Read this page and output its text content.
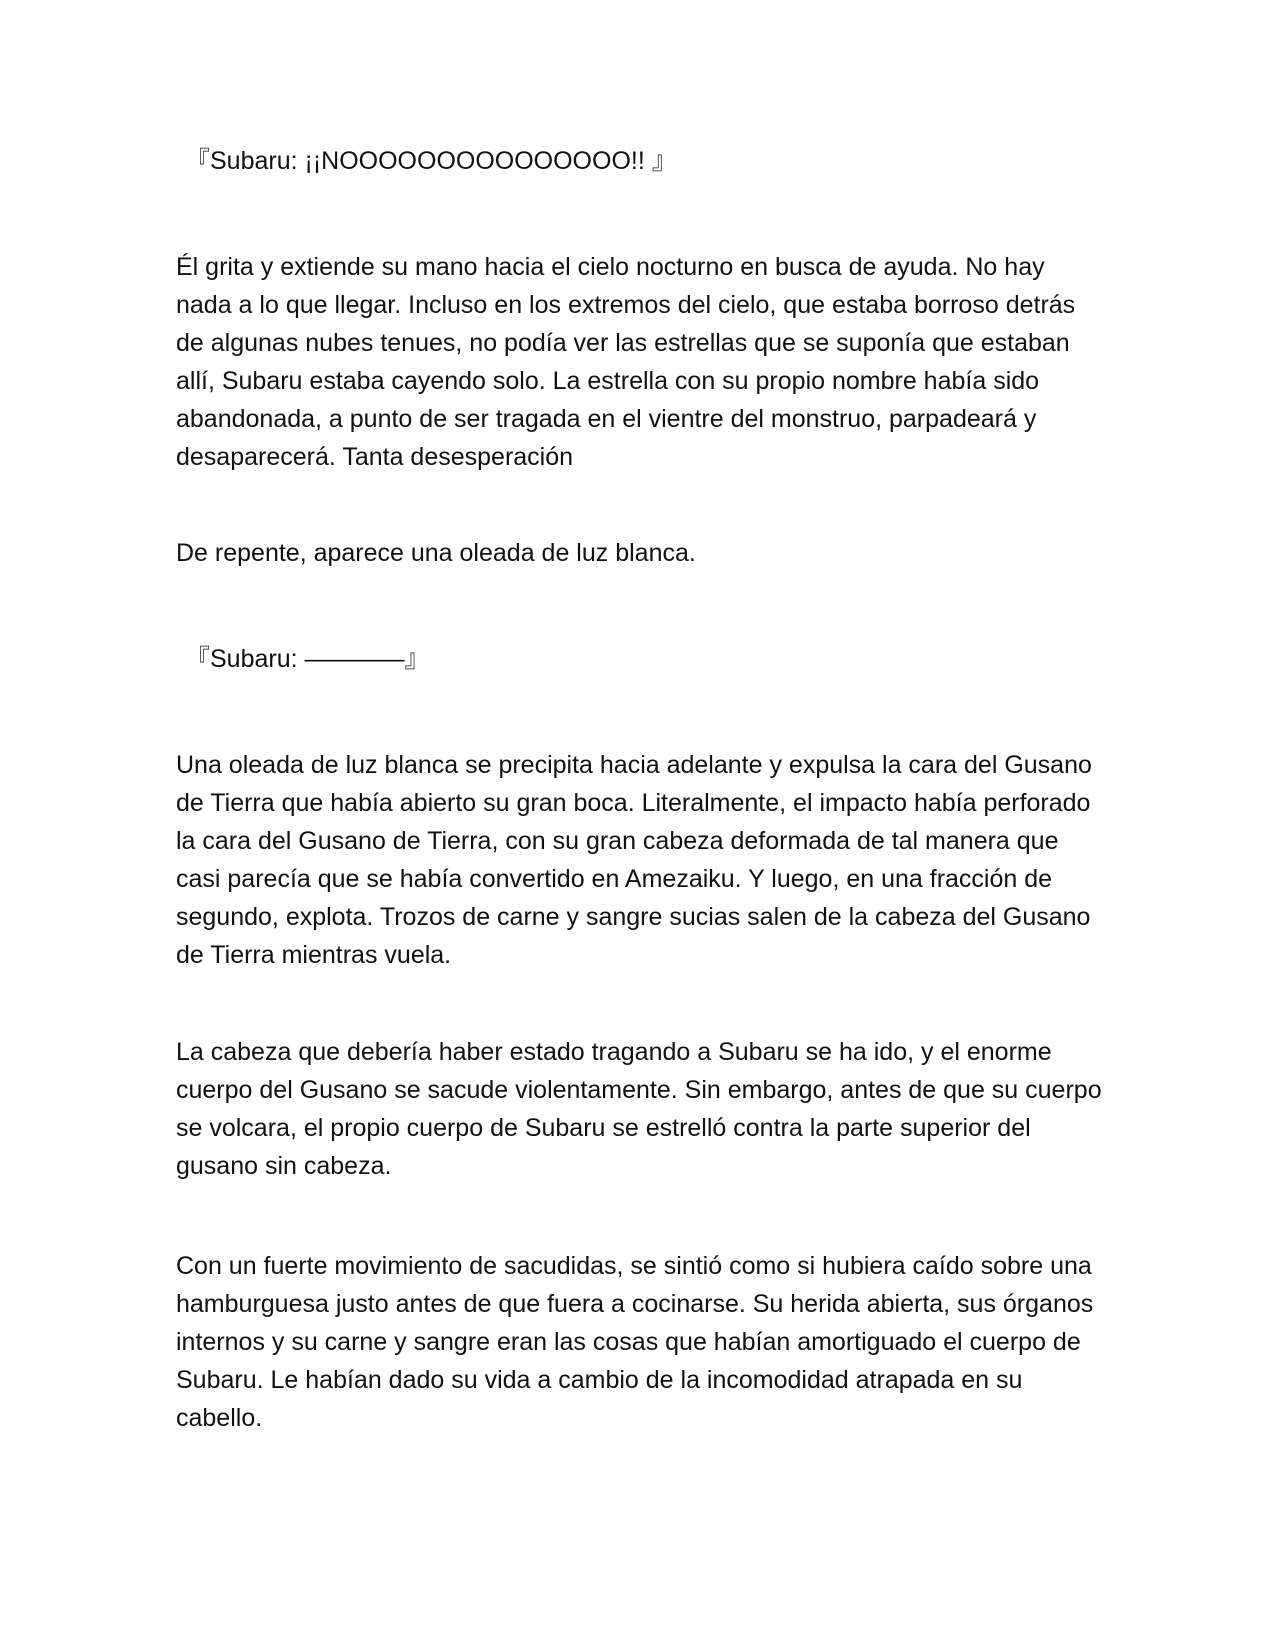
『Subaru: ¡¡NOOOOOOOOOOOOOOO!! 』

Él grita y extiende su mano hacia el cielo nocturno en busca de ayuda. No hay nada a lo que llegar. Incluso en los extremos del cielo, que estaba borroso detrás de algunas nubes tenues, no podía ver las estrellas que se suponía que estaban allí, Subaru estaba cayendo solo. La estrella con su propio nombre había sido abandonada, a punto de ser tragada en el vientre del monstruo, parpadeará y desaparecerá. Tanta desesperación

De repente, aparece una oleada de luz blanca.

『Subaru: ————』

Una oleada de luz blanca se precipita hacia adelante y expulsa la cara del Gusano de Tierra que había abierto su gran boca. Literalmente, el impacto había perforado la cara del Gusano de Tierra, con su gran cabeza deformada de tal manera que casi parecía que se había convertido en Amezaiku. Y luego, en una fracción de segundo, explota. Trozos de carne y sangre sucias salen de la cabeza del Gusano de Tierra mientras vuela.

La cabeza que debería haber estado tragando a Subaru se ha ido, y el enorme cuerpo del Gusano se sacude violentamente. Sin embargo, antes de que su cuerpo se volcara, el propio cuerpo de Subaru se estrelló contra la parte superior del gusano sin cabeza.

Con un fuerte movimiento de sacudidas, se sintió como si hubiera caído sobre una hamburguesa justo antes de que fuera a cocinarse. Su herida abierta, sus órganos internos y su carne y sangre eran las cosas que habían amortiguado el cuerpo de Subaru. Le habían dado su vida a cambio de la incomodidad atrapada en su cabello.
